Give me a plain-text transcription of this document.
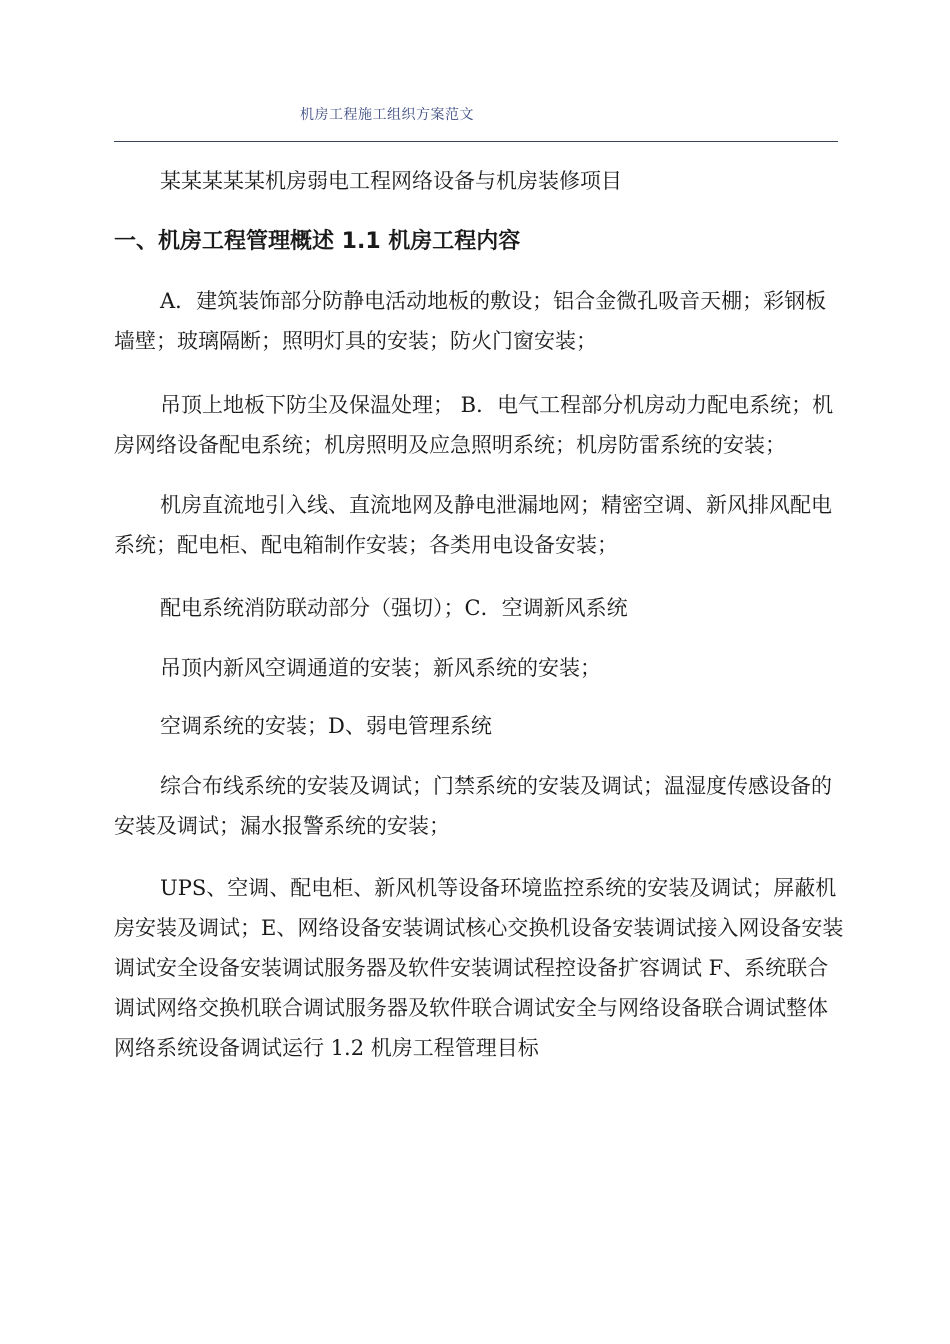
机房工程施工组织方案范文

某某某某某机房弱电工程网络设备与机房装修项目

一、机房工程管理概述 1.1 机房工程内容

A．建筑装饰部分防静电活动地板的敷设；铝合金微孔吸音天棚；彩钢板墙壁；玻璃隔断；照明灯具的安装；防火门窗安装；

吊顶上地板下防尘及保温处理； B．电气工程部分机房动力配电系统；机房网络设备配电系统；机房照明及应急照明系统；机房防雷系统的安装；

机房直流地引入线、直流地网及静电泄漏地网；精密空调、新风排风配电系统；配电柜、配电箱制作安装；各类用电设备安装；

配电系统消防联动部分（强切）；C．空调新风系统

吊顶内新风空调通道的安装；新风系统的安装；

空调系统的安装；D、弱电管理系统

综合布线系统的安装及调试；门禁系统的安装及调试；温湿度传感设备的安装及调试；漏水报警系统的安装；

UPS、空调、配电柜、新风机等设备环境监控系统的安装及调试；屏蔽机房安装及调试；E、网络设备安装调试核心交换机设备安装调试接入网设备安装调试安全设备安装调试服务器及软件安装调试程控设备扩容调试 F、系统联合调试网络交换机联合调试服务器及软件联合调试安全与网络设备联合调试整体网络系统设备调试运行 1.2 机房工程管理目标
